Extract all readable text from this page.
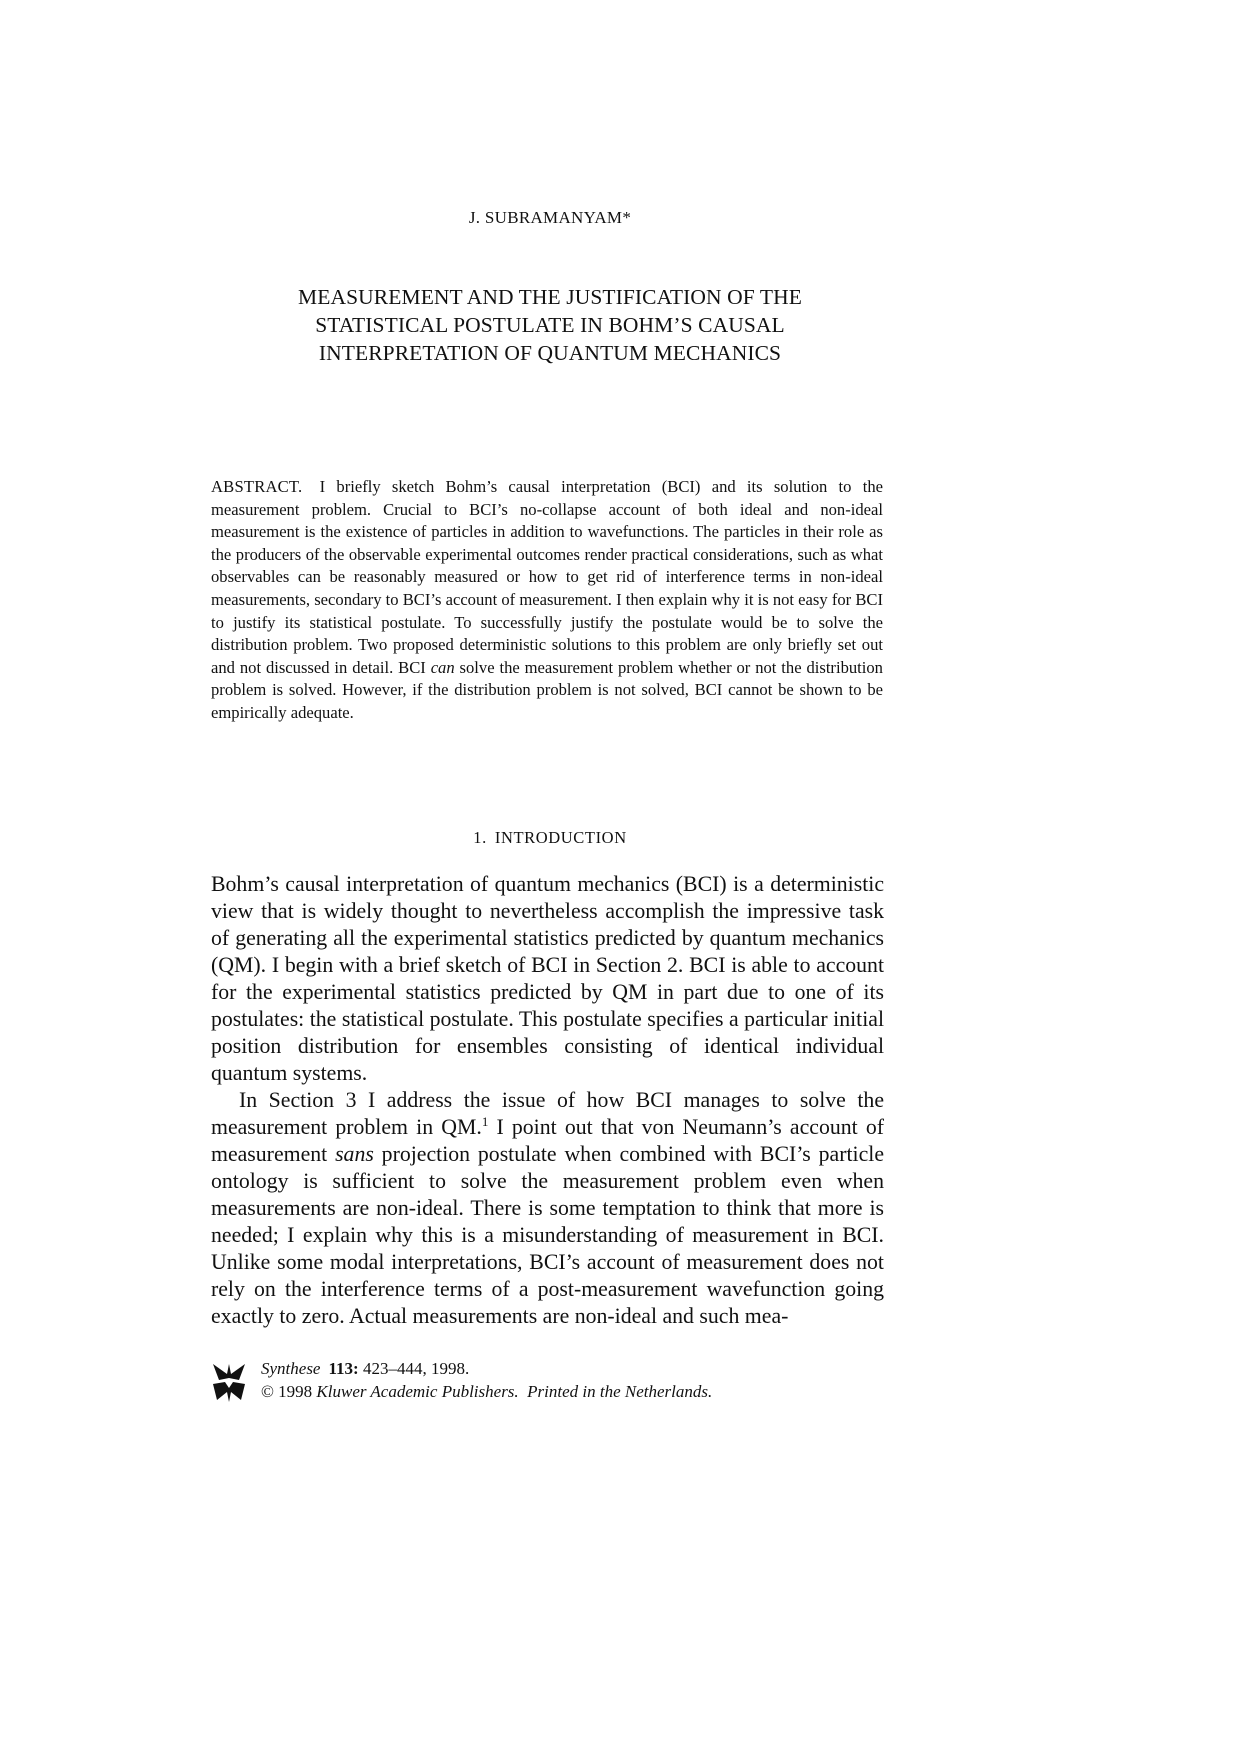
J. SUBRAMANYAM*
MEASUREMENT AND THE JUSTIFICATION OF THE
STATISTICAL POSTULATE IN BOHM’S CAUSAL
INTERPRETATION OF QUANTUM MECHANICS
ABSTRACT. I briefly sketch Bohm’s causal interpretation (BCI) and its solution to the measurement problem. Crucial to BCI’s no-collapse account of both ideal and non-ideal measurement is the existence of particles in addition to wavefunctions. The particles in their role as the producers of the observable experimental outcomes render practical considerations, such as what observables can be reasonably measured or how to get rid of interference terms in non-ideal measurements, secondary to BCI’s account of measurement. I then explain why it is not easy for BCI to justify its statistical postulate. To successfully justify the postulate would be to solve the distribution problem. Two proposed deterministic solutions to this problem are only briefly set out and not discussed in detail. BCI can solve the measurement problem whether or not the distribution problem is solved. However, if the distribution problem is not solved, BCI cannot be shown to be empirically adequate.
1. INTRODUCTION

Bohm’s causal interpretation of quantum mechanics (BCI) is a deterministic view that is widely thought to nevertheless accomplish the impressive task of generating all the experimental statistics predicted by quantum mechanics (QM). I begin with a brief sketch of BCI in Section 2. BCI is able to account for the experimental statistics predicted by QM in part due to one of its postulates: the statistical postulate. This postulate specifies a particular initial position distribution for ensembles consisting of identical individual quantum systems.

In Section 3 I address the issue of how BCI manages to solve the measurement problem in QM.$^1$ I point out that von Neumann’s account of measurement sans projection postulate when combined with BCI’s particle ontology is sufficient to solve the measurement problem even when measurements are non-ideal. There is some temptation to think that more is needed; I explain why this is a misunderstanding of measurement in BCI. Unlike some modal interpretations, BCI’s account of measurement does not rely on the interference terms of a post-measurement wavefunction going exactly to zero. Actual measurements are non-ideal and such mea-

Synthese 113: 423–444, 1998.
© 1998 Kluwer Academic Publishers. Printed in the Netherlands.
